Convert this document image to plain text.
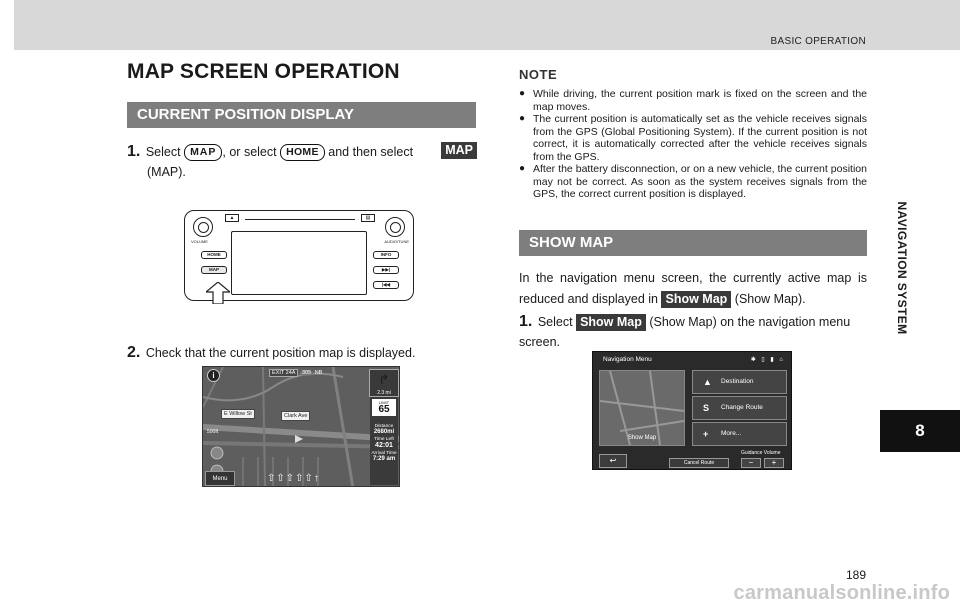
BASIC OPERATION
NAVIGATION SYSTEM
8
MAP SCREEN OPERATION
CURRENT POSITION DISPLAY
1. Select MAP , or select HOME and then select	MAP
(MAP).
VOLUME	AUDIO/TUNE
▲	▤
HOME
MAP
INFO
▶▶|
|◀◀
2. Check that the current position map is displayed.
i	EXIT 24A 305 NB	↱
2.3 mi
E Willow St	Clark Ave
500ft
Menu
LIMIT
65
Distance
2680mi
Time Left
42:01
Arrival Time
7:29 am
⇧⇧⇧⇧⇧↑
NOTE
● While driving, the current position mark is fixed on the screen and the map moves.
● The current position is automatically set as the vehicle receives signals from the GPS (Global Positioning System). If the current position is not correct, it is automatically corrected after the vehicle receives signals from the GPS.
● After the battery disconnection, or on a new vehicle, the current position may not be correct. As soon as the system receives signals from the GPS, the correct current position is displayed.
SHOW MAP
In the navigation menu screen, the currently active map is reduced and displayed in Show Map (Show Map).
1. Select Show Map (Show Map) on the navigation menu screen.
Navigation Menu	✱ ▯ ▮ ⌂
Show Map
▲ Destination
S Change Route
+ More...
↩
Guidance Volume
Cancel Route	−	+
189
carmanualsonline.info
